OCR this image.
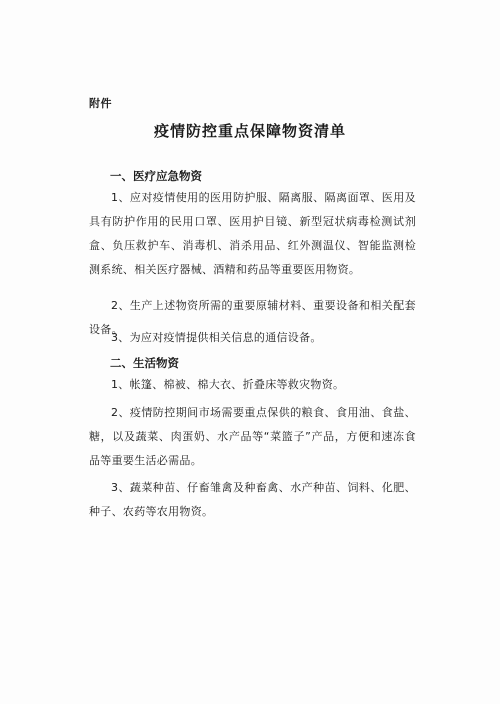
附件
疫情防控重点保障物资清单
一、医疗应急物资
1、应对疫情使用的医用防护服、隔离服、隔离面罩、医用及具有防护作用的民用口罩、医用护目镜、新型冠状病毒检测试剂盒、负压救护车、消毒机、消杀用品、红外测温仪、智能监测检测系统、相关医疗器械、酒精和药品等重要医用物资。
2、生产上述物资所需的重要原辅材料、重要设备和相关配套设备。
3、为应对疫情提供相关信息的通信设备。
二、生活物资
1、帐篷、棉被、棉大衣、折叠床等救灾物资。
2、疫情防控期间市场需要重点保供的粮食、食用油、食盐、糖，以及蔬菜、肉蛋奶、水产品等“菜篮子”产品，方便和速冻食品等重要生活必需品。
3、蔬菜种苗、仔畜雏禽及种畜禽、水产种苗、饲料、化肥、种子、农药等农用物资。
